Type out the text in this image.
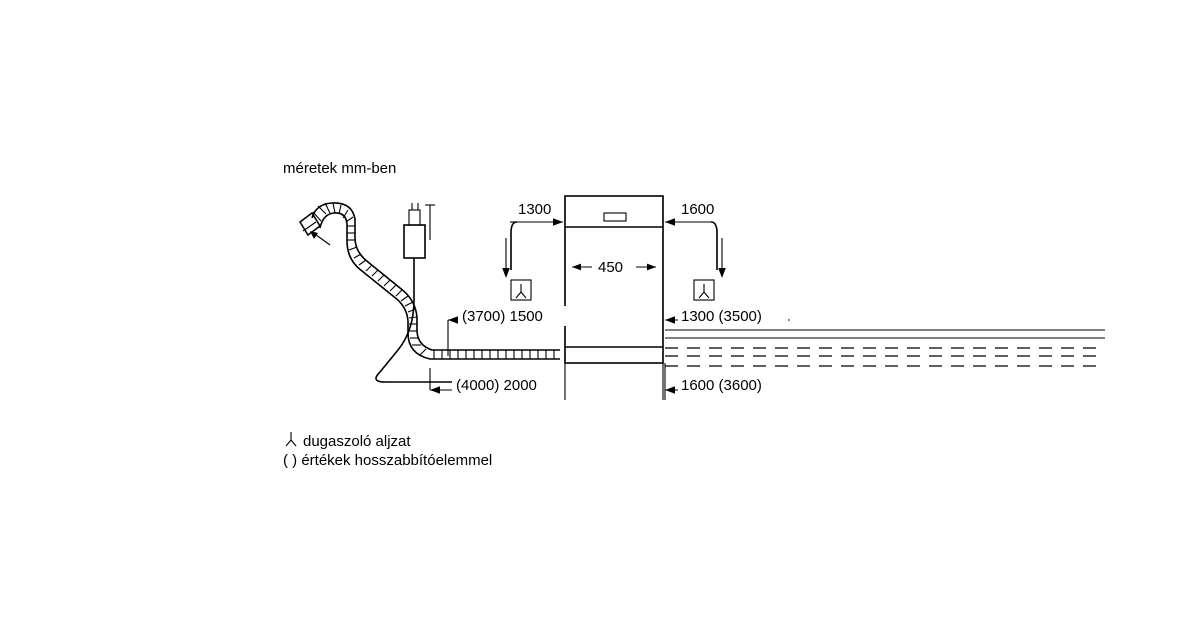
méretek mm-ben
450
1300	1600
(3700) 1500
(4000) 2000
1300 (3500)
1600 (3600)
dugaszoló aljzat
( ) értékek hosszabbítóelemmel
